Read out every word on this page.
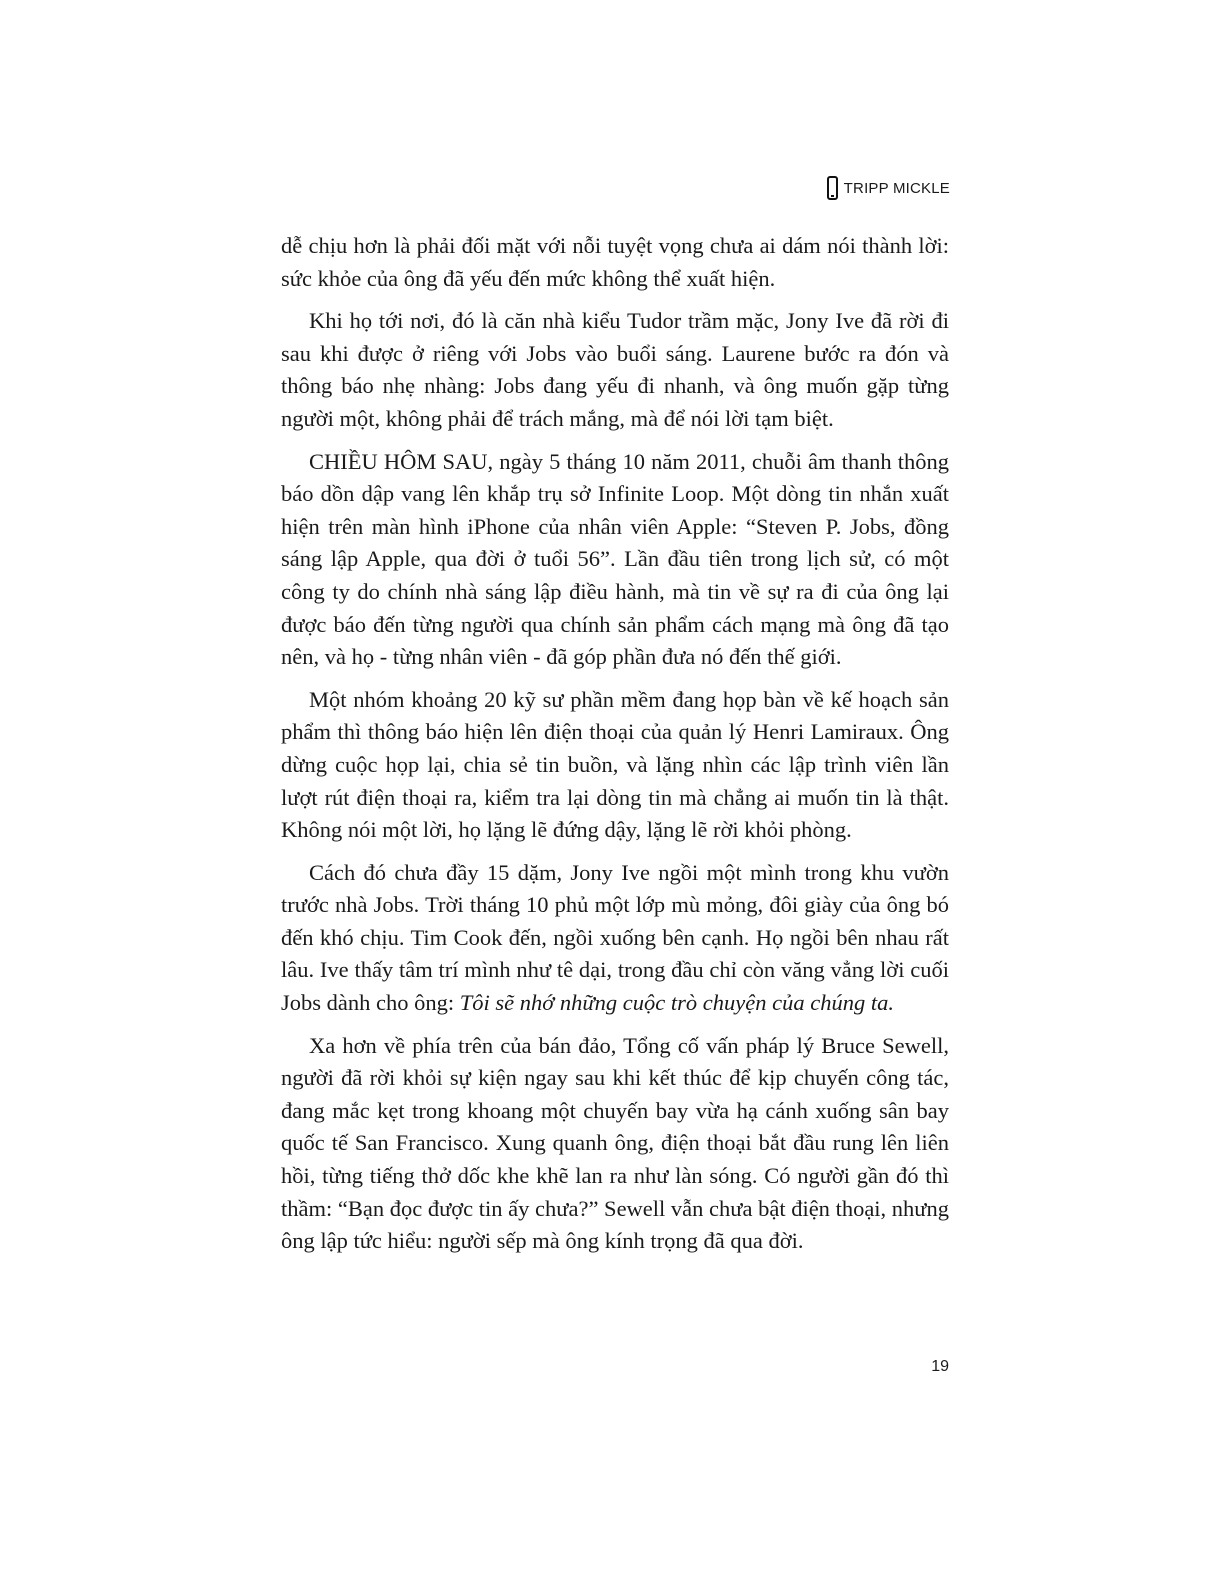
TRIPP MICKLE

dễ chịu hơn là phải đối mặt với nỗi tuyệt vọng chưa ai dám nói thành lời: sức khỏe của ông đã yếu đến mức không thể xuất hiện.

Khi họ tới nơi, đó là căn nhà kiểu Tudor trầm mặc, Jony Ive đã rời đi sau khi được ở riêng với Jobs vào buổi sáng. Laurene bước ra đón và thông báo nhẹ nhàng: Jobs đang yếu đi nhanh, và ông muốn gặp từng người một, không phải để trách mắng, mà để nói lời tạm biệt.

CHIỀU HÔM SAU, ngày 5 tháng 10 năm 2011, chuỗi âm thanh thông báo dồn dập vang lên khắp trụ sở Infinite Loop. Một dòng tin nhắn xuất hiện trên màn hình iPhone của nhân viên Apple: “Steven P. Jobs, đồng sáng lập Apple, qua đời ở tuổi 56”. Lần đầu tiên trong lịch sử, có một công ty do chính nhà sáng lập điều hành, mà tin về sự ra đi của ông lại được báo đến từng người qua chính sản phẩm cách mạng mà ông đã tạo nên, và họ - từng nhân viên - đã góp phần đưa nó đến thế giới.

Một nhóm khoảng 20 kỹ sư phần mềm đang họp bàn về kế hoạch sản phẩm thì thông báo hiện lên điện thoại của quản lý Henri Lamiraux. Ông dừng cuộc họp lại, chia sẻ tin buồn, và lặng nhìn các lập trình viên lần lượt rút điện thoại ra, kiểm tra lại dòng tin mà chẳng ai muốn tin là thật. Không nói một lời, họ lặng lẽ đứng dậy, lặng lẽ rời khỏi phòng.

Cách đó chưa đầy 15 dặm, Jony Ive ngồi một mình trong khu vườn trước nhà Jobs. Trời tháng 10 phủ một lớp mù mỏng, đôi giày của ông bó đến khó chịu. Tim Cook đến, ngồi xuống bên cạnh. Họ ngồi bên nhau rất lâu. Ive thấy tâm trí mình như tê dại, trong đầu chỉ còn văng vẳng lời cuối Jobs dành cho ông: Tôi sẽ nhớ những cuộc trò chuyện của chúng ta.

Xa hơn về phía trên của bán đảo, Tổng cố vấn pháp lý Bruce Sewell, người đã rời khỏi sự kiện ngay sau khi kết thúc để kịp chuyến công tác, đang mắc kẹt trong khoang một chuyến bay vừa hạ cánh xuống sân bay quốc tế San Francisco. Xung quanh ông, điện thoại bắt đầu rung lên liên hồi, từng tiếng thở dốc khe khẽ lan ra như làn sóng. Có người gần đó thì thầm: “Bạn đọc được tin ấy chưa?” Sewell vẫn chưa bật điện thoại, nhưng ông lập tức hiểu: người sếp mà ông kính trọng đã qua đời.

19
